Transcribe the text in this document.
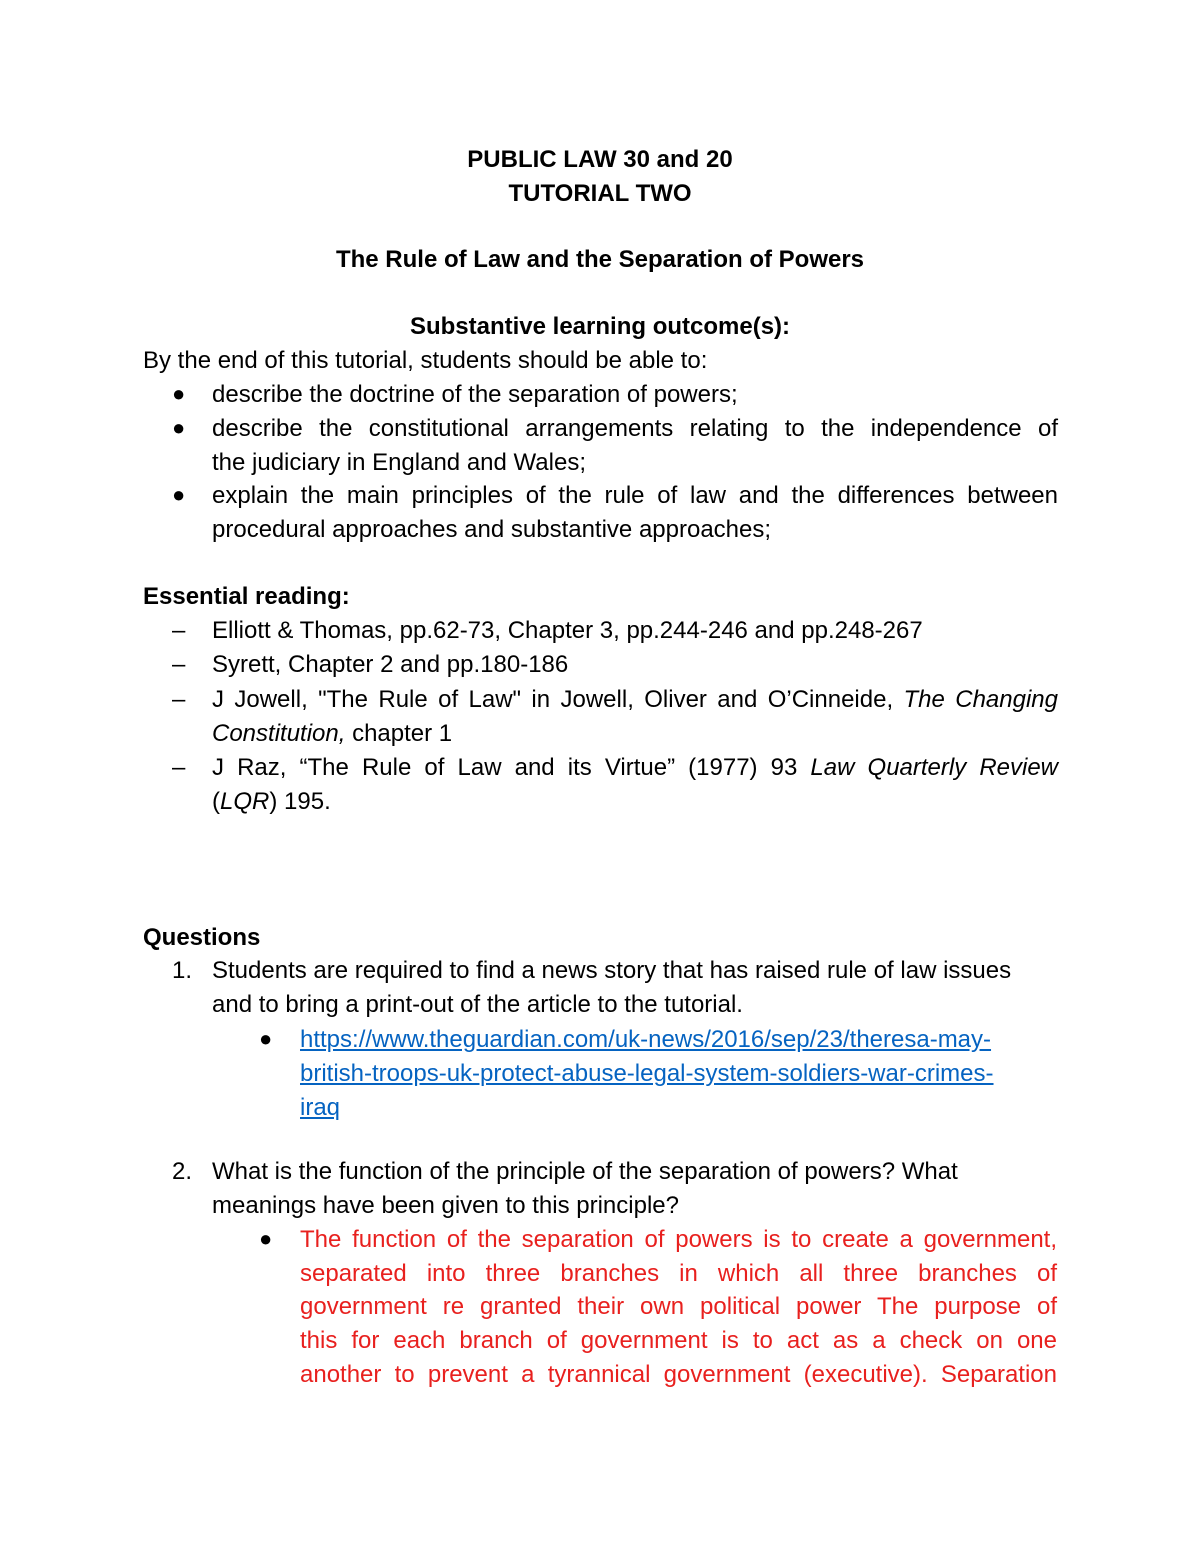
PUBLIC LAW 30 and 20
TUTORIAL TWO
The Rule of Law and the Separation of Powers
Substantive learning outcome(s):
By the end of this tutorial, students should be able to:
● describe the doctrine of the separation of powers;
● describe the constitutional arrangements relating to the independence of
the judiciary in England and Wales;
● explain the main principles of the rule of law and the differences between
procedural approaches and substantive approaches;
Essential reading:
– Elliott & Thomas, pp.62-73, Chapter 3, pp.244-246 and pp.248-267
– Syrett, Chapter 2 and pp.180-186
– J Jowell, "The Rule of Law" in Jowell, Oliver and O’Cinneide, The Changing
Constitution, chapter 1
– J Raz, “The Rule of Law and its Virtue” (1977) 93 Law Quarterly Review
(LQR) 195.
Questions
1. Students are required to find a news story that has raised rule of law issues
and to bring a print-out of the article to the tutorial.
● https://www.theguardian.com/uk-news/2016/sep/23/theresa-may-
british-troops-uk-protect-abuse-legal-system-soldiers-war-crimes-
iraq
2. What is the function of the principle of the separation of powers? What
meanings have been given to this principle?
● The function of the separation of powers is to create a government,
separated into three branches in which all three branches of
government re granted their own political power The purpose of
this for each branch of government is to act as a check on one
another to prevent a tyrannical government (executive). Separation
